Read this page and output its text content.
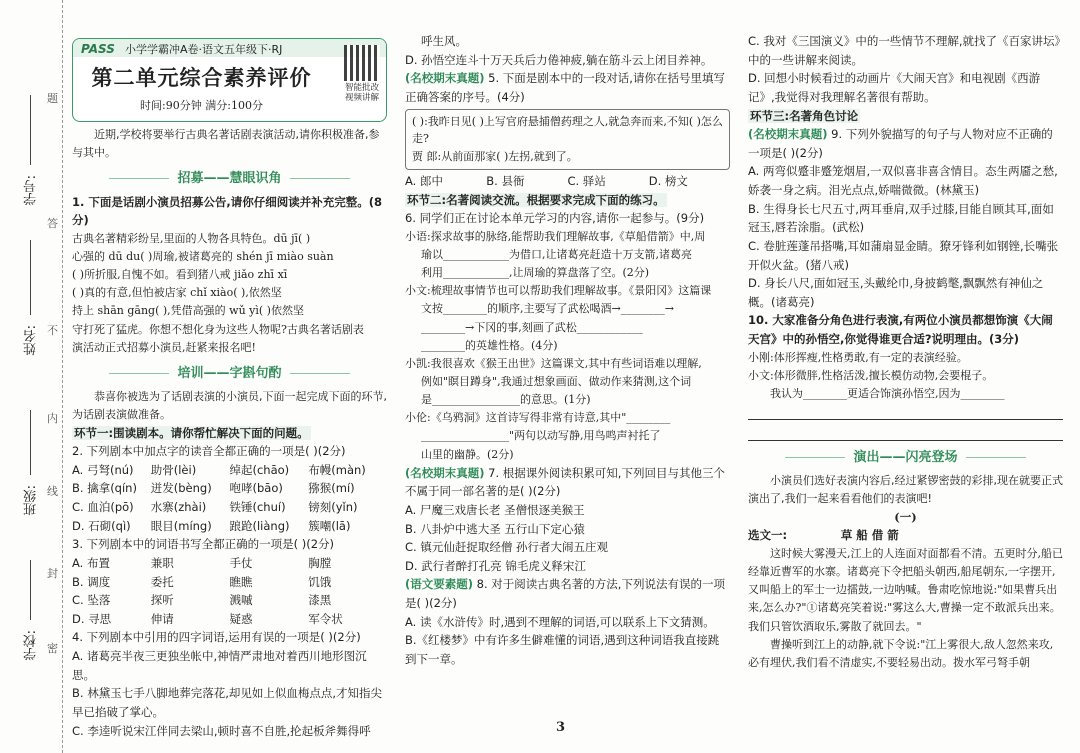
学校:
班级:
姓名:
学号:
题
答
不
内
线
封
密
PASS 小学学霸冲A卷·语文五年级下·RJ
第二单元综合素养评价
时间:90分钟 满分:100分
智能批改 视频讲解

近期,学校将要举行古典名著话剧表演活动,请你积极准备,参与其中。

招募——慧眼识角

1. 下面是话剧小演员招募公告,请你仔细阅读并补充完整。(8分)

古典名著精彩纷呈,里面的人物各具特色。dū jī( )

心强的 dū du( )周瑜,被诸葛亮的 shén jī miào suàn

( )所折服,自愧不如。看到猪八戒 jiǎo zhī xī

( )真的有意,但怕被店家 chǐ xiào( ),依然坚

持上 shān gāng( ),凭借高强的 wǔ yì( )依然坚

守打死了猛虎。你想不想化身为这些人物呢?古典名著话剧表

演活动正式招募小演员,赶紧来报名吧!

培训——字斟句酌

恭喜你被选为了话剧表演的小演员,下面一起完成下面的环节,为话剧表演做准备。

环节一:围读剧本。请你帮忙解决下面的问题。

2. 下列剧本中加点字的读音全都正确的一项是( )(2分)

A. 弓弩(nú)	助骨(lèi)	绰起(chāo)	布幔(màn)
B. 擒拿(qín)	迸发(bèng)	咆哮(bāo)	猕猴(mí)
C. 血泊(pō)	水寨(zhài)	铁锤(chuí)	镑刻(yǐn)
D. 石砌(qì)	眼目(míng)	踉跄(liàng)	簇嘲(lā)

3. 下列剧本中的词语书写全都正确的一项是( )(2分)

A. 布置	兼职	手仗	胸膛
B. 调度	委托	瞧瞧	饥饿
C. 坠落	探听	溅嘁	漆黑
D. 寻思	伸请	疑惑	军令状

4. 下列剧本中引用的四字词语,运用有误的一项是( )(2分)

A. 诸葛亮半夜三更独坐帐中,神情严肃地对着西川地形图沉思。

B. 林黛玉七手八脚地葬完落花,却见如上似血梅点点,才知指尖早已掐破了掌心。

C. 李逵听说宋江伴同去梁山,顿时喜不自胜,抡起板斧舞得呼

呼生风。

D. 孙悟空连斗十万天兵后力倦神疲,躺在筋斗云上闭目养神。

(名校期末真题) 5. 下面是剧本中的一段对话,请你在括号里填写正确答案的序号。(4分)

( ):我昨日见( )上写官府悬捕僧药理之人,就急奔而来,不知( )怎么走?

贾 郎:从前面那家( )左拐,就到了。

A. 郎中	B. 县衙	C. 驿站	D. 榜文

环节二:名著阅读交流。根据要求完成下面的练习。

6. 同学们正在讨论本单元学习的内容,请你一起参与。(9分)

小语:探求故事的脉络,能帮助我们理解故事,《草船借箭》中,周

瑜以____________为借口,让诸葛亮赶造十万支箭,诸葛亮

利用____________,让周瑜的算盘落了空。(2分)

小文:梳理故事情节也可以帮助我们理解故事。《景阳冈》这篇课

文按________的顺序,主要写了武松喝酒→________→

________→下冈的事,刻画了武松____________

________的英雄性格。(4分)

小凯:我很喜欢《猴王出世》这篇课文,其中有些词语难以理解,

例如"瞑目蹲身",我通过想象画面、做动作来猜测,这个词

是________________的意思。(1分)

小伦:《乌鸦洞》这首诗写得非常有诗意,其中"________

________________"两句以动写静,用鸟鸣声衬托了

山里的幽静。(2分)

(名校期末真题) 7. 根据课外阅读积累可知,下列回目与其他三个不属于同一部名著的是( )(2分)

A. 尸魔三戏唐长老 圣僧恨逐美猴王

B. 八卦炉中逃大圣 五行山下定心猿

C. 镇元仙赶捉取经僧 孙行者大闹五庄观

D. 武行者醉打孔亮 锦毛虎义释宋江

(语文要素题) 8. 对于阅读古典名著的方法,下列说法有误的一项是( )(2分)

A. 读《水浒传》时,遇到不理解的词语,可以联系上下文猜测。

B.《红楼梦》中有许多生僻难懂的词语,遇到这种词语我直接跳到下一章。

C. 我对《三国演义》中的一些情节不理解,就找了《百家讲坛》中的一些讲解来阅读。

D. 回想小时候看过的动画片《大闹天宫》和电视剧《西游记》,我觉得对我理解名著很有帮助。

环节三:名著角色讨论

(名校期末真题) 9. 下列外貌描写的句子与人物对应不正确的一项是( )(2分)

A. 两弯似蹙非蹙笼烟眉,一双似喜非喜含情目。态生两靥之愁,娇袭一身之病。泪光点点,娇喘微微。(林黛玉)

B. 生得身长七尺五寸,两耳垂肩,双手过膝,目能自顾其耳,面如冠玉,唇若涂脂。(武松)

C. 卷脏莲蓬吊搭嘴,耳如蒲扇显金睛。獠牙锋利如钢锉,长嘴张开似火盆。(猪八戒)

D. 身长八尺,面如冠玉,头戴纶巾,身披鹤氅,飘飘然有神仙之概。(诸葛亮)

10. 大家准备分角色进行表演,有两位小演员都想饰演《大闹天宫》中的孙悟空,你觉得谁更合适?说明理由。(3分)

小刚:体形挥瘦,性格勇敢,有一定的表演经验。

小文:体形微胖,性格活泼,擅长模仿动物,会要棍子。

我认为________更适合饰演孙悟空,因为________

演出——闪亮登场

小演员们选好表演内容后,经过紧锣密鼓的彩排,现在就要正式演出了,我们一起来看看他们的表演吧!

(一)

选文一:	草 船 借 箭

这时候大雾漫天,江上的人连面对面都看不清。五更时分,船已经靠近曹军的水寨。诸葛亮下令把船头朝西,船尾朝东,一字摆开,又叫船上的军士一边擂鼓,一边呐喊。鲁肃吃惊地说:"如果曹兵出来,怎么办?"①诸葛亮笑着说:"雾这么大,曹操一定不敢派兵出来。我们只管饮酒取乐,雾散了就回去。"

曹操听到江上的动静,就下令说:"江上雾很大,敌人忽然来攻,必有埋伏,我们看不清虚实,不要轻易出动。拨水军弓弩手朝

3
